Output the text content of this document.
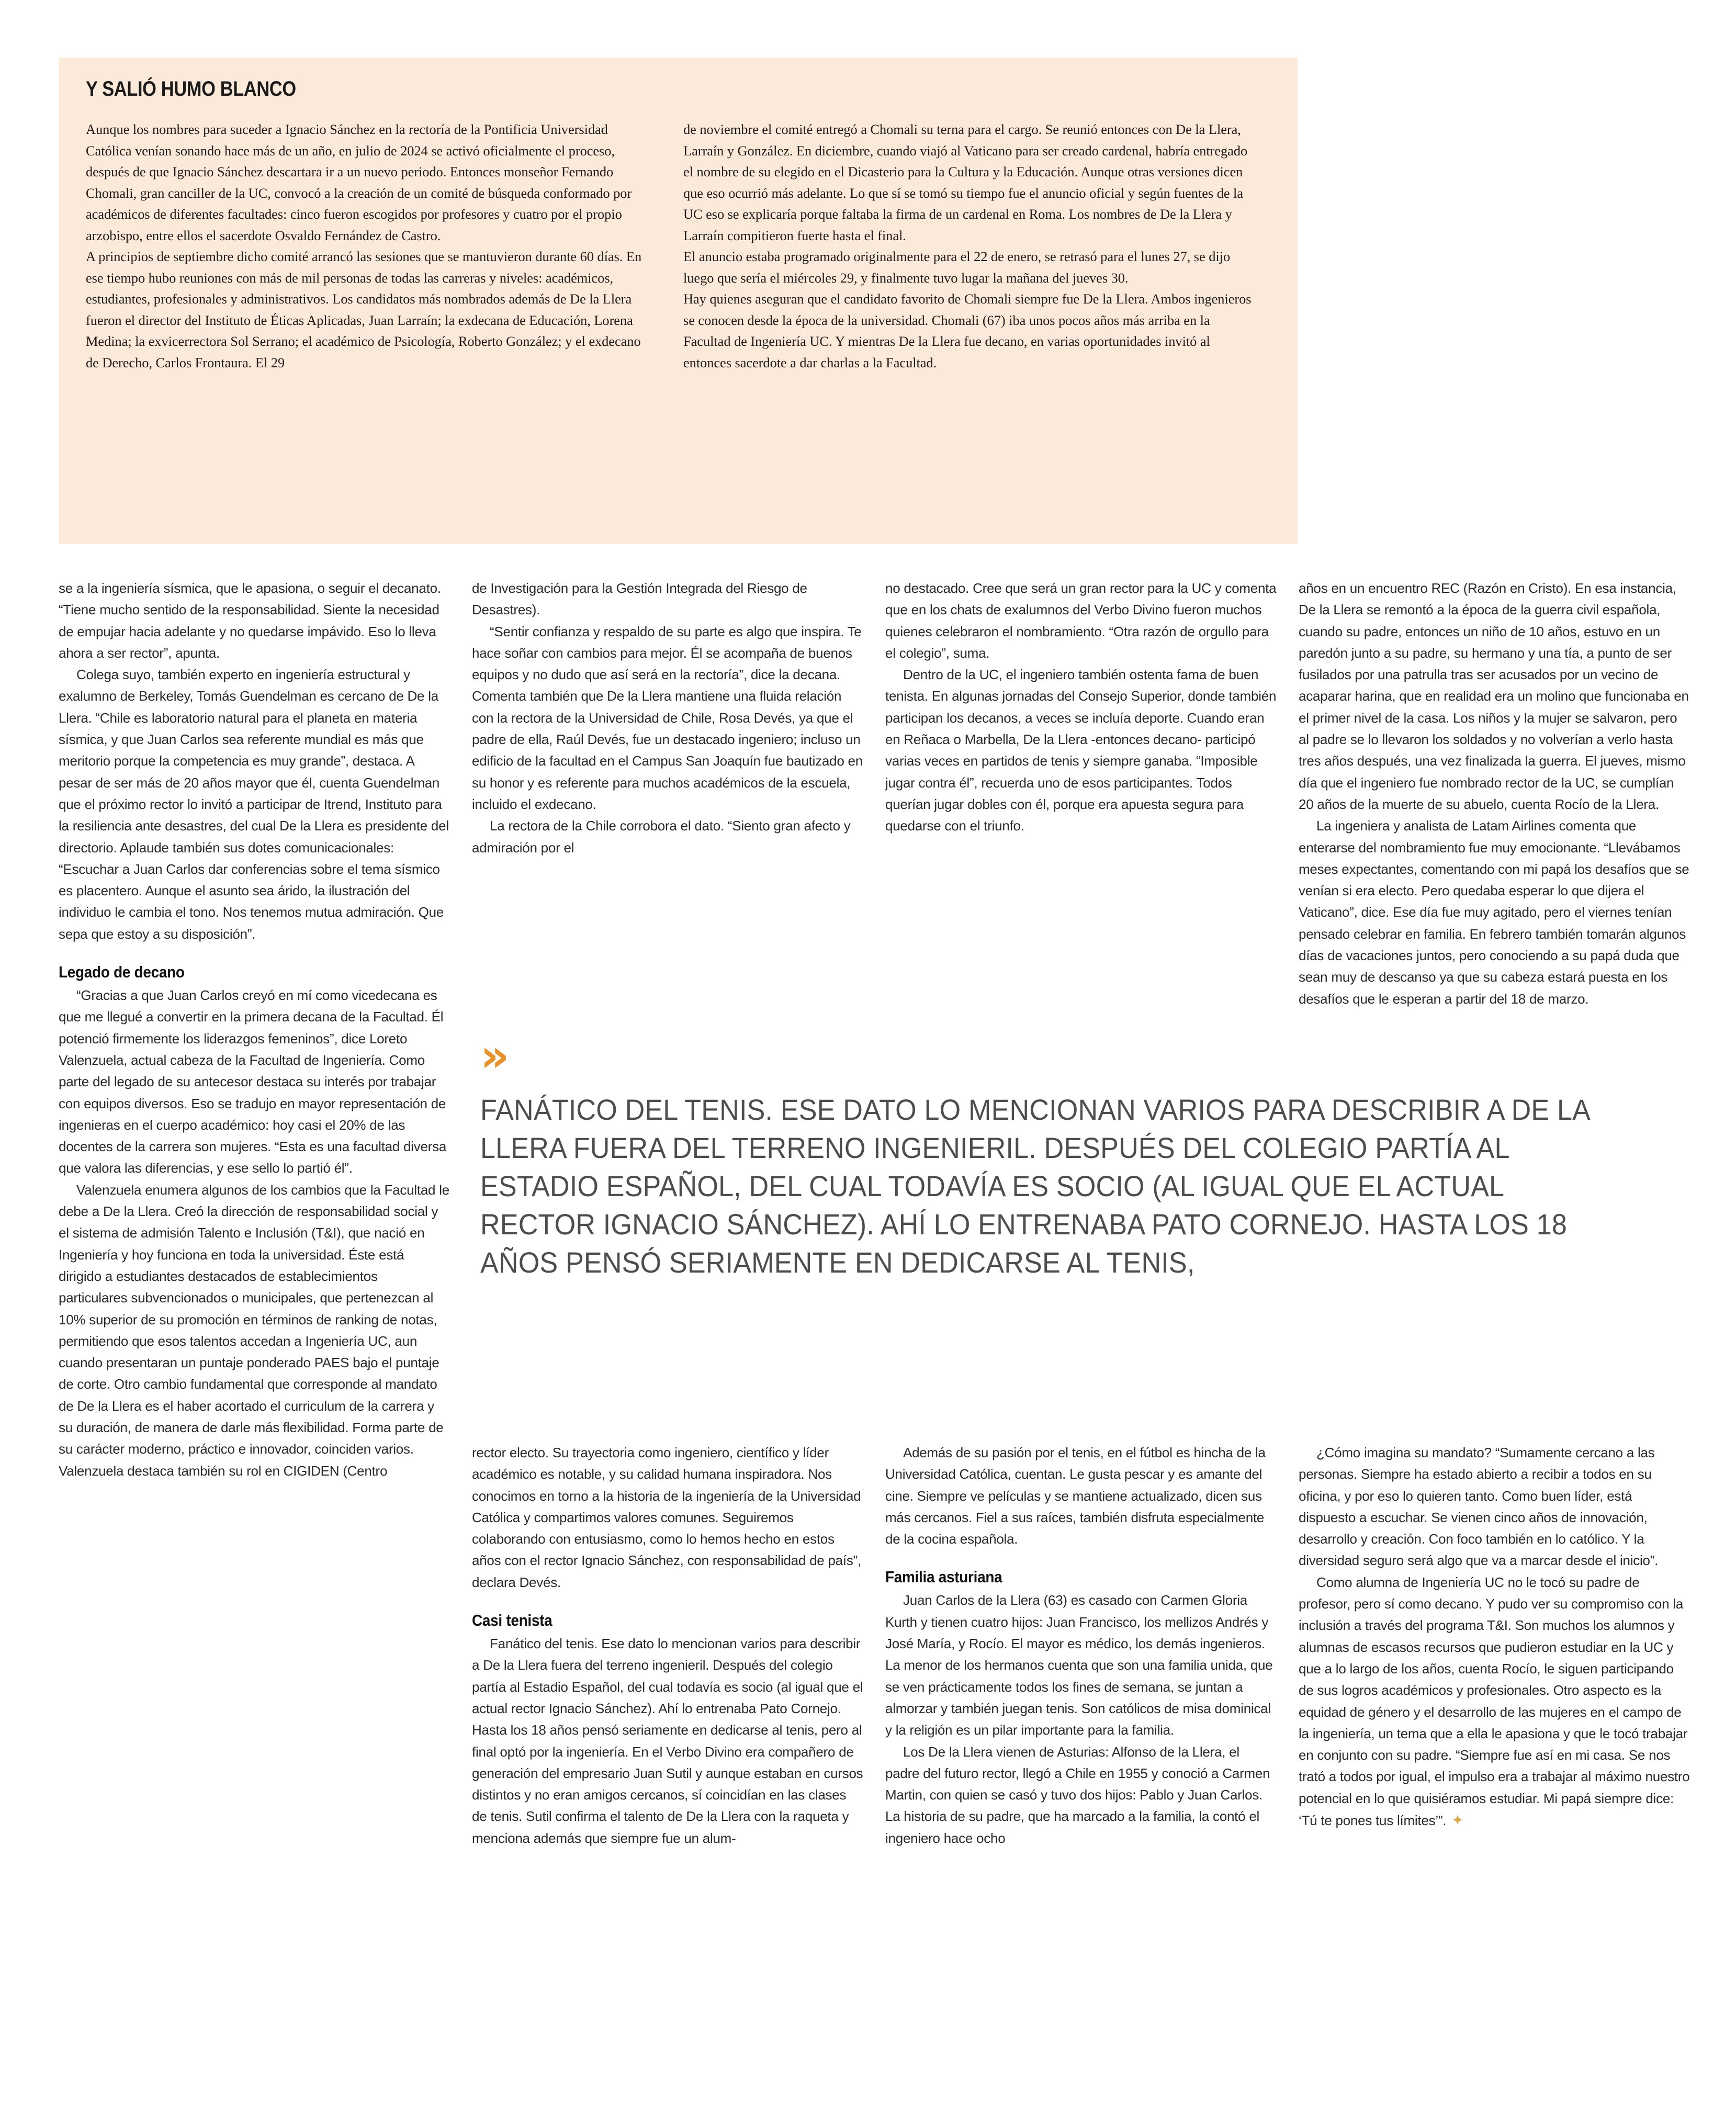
Y SALIÓ HUMO BLANCO

Aunque los nombres para suceder a Ignacio Sánchez en la rectoría de la Pontificia Universidad Católica venían sonando hace más de un año, en julio de 2024 se activó oficialmente el proceso, después de que Ignacio Sánchez descartara ir a un nuevo periodo. Entonces monseñor Fernando Chomali, gran canciller de la UC, convocó a la creación de un comité de búsqueda conformado por académicos de diferentes facultades: cinco fueron escogidos por profesores y cuatro por el propio arzobispo, entre ellos el sacerdote Osvaldo Fernández de Castro.

A principios de septiembre dicho comité arrancó las sesiones que se mantuvieron durante 60 días. En ese tiempo hubo reuniones con más de mil personas de todas las carreras y niveles: académicos, estudiantes, profesionales y administrativos. Los candidatos más nombrados además de De la Llera fueron el director del Instituto de Éticas Aplicadas, Juan Larraín; la exdecana de Educación, Lorena Medina; la exvicerrectora Sol Serrano; el académico de Psicología, Roberto González; y el exdecano de Derecho, Carlos Frontaura. El 29

de noviembre el comité entregó a Chomali su terna para el cargo. Se reunió entonces con De la Llera, Larraín y González. En diciembre, cuando viajó al Vaticano para ser creado cardenal, habría entregado el nombre de su elegido en el Dicasterio para la Cultura y la Educación. Aunque otras versiones dicen que eso ocurrió más adelante. Lo que sí se tomó su tiempo fue el anuncio oficial y según fuentes de la UC eso se explicaría porque faltaba la firma de un cardenal en Roma. Los nombres de De la Llera y Larraín compitieron fuerte hasta el final.

El anuncio estaba programado originalmente para el 22 de enero, se retrasó para el lunes 27, se dijo luego que sería el miércoles 29, y finalmente tuvo lugar la mañana del jueves 30.

Hay quienes aseguran que el candidato favorito de Chomali siempre fue De la Llera. Ambos ingenieros se conocen desde la época de la universidad. Chomali (67) iba unos pocos años más arriba en la Facultad de Ingeniería UC. Y mientras De la Llera fue decano, en varias oportunidades invitó al entonces sacerdote a dar charlas a la Facultad.

se a la ingeniería sísmica, que le apasiona, o seguir el decanato. “Tiene mucho sentido de la responsabilidad. Siente la necesidad de empujar hacia adelante y no quedarse impávido. Eso lo lleva ahora a ser rector”, apunta.

Colega suyo, también experto en ingeniería estructural y exalumno de Berkeley, Tomás Guendelman es cercano de De la Llera. “Chile es laboratorio natural para el planeta en materia sísmica, y que Juan Carlos sea referente mundial es más que meritorio porque la competencia es muy grande”, destaca. A pesar de ser más de 20 años mayor que él, cuenta Guendelman que el próximo rector lo invitó a participar de Itrend, Instituto para la resiliencia ante desastres, del cual De la Llera es presidente del directorio. Aplaude también sus dotes comunicacionales: “Escuchar a Juan Carlos dar conferencias sobre el tema sísmico es placentero. Aunque el asunto sea árido, la ilustración del individuo le cambia el tono. Nos tenemos mutua admiración. Que sepa que estoy a su disposición”.

Legado de decano

“Gracias a que Juan Carlos creyó en mí como vicedecana es que me llegué a convertir en la primera decana de la Facultad. Él potenció firmemente los liderazgos femeninos”, dice Loreto Valenzuela, actual cabeza de la Facultad de Ingeniería. Como parte del legado de su antecesor destaca su interés por trabajar con equipos diversos. Eso se tradujo en mayor representación de ingenieras en el cuerpo académico: hoy casi el 20% de las docentes de la carrera son mujeres. “Esta es una facultad diversa que valora las diferencias, y ese sello lo partió él”.

Valenzuela enumera algunos de los cambios que la Facultad le debe a De la Llera. Creó la dirección de responsabilidad social y el sistema de admisión Talento e Inclusión (T&I), que nació en Ingeniería y hoy funciona en toda la universidad. Éste está dirigido a estudiantes destacados de establecimientos particulares subvencionados o municipales, que pertenezcan al 10% superior de su promoción en términos de ranking de notas, permitiendo que esos talentos accedan a Ingeniería UC, aun cuando presentaran un puntaje ponderado PAES bajo el puntaje de corte. Otro cambio fundamental que corresponde al mandato de De la Llera es el haber acortado el curriculum de la carrera y su duración, de manera de darle más flexibilidad. Forma parte de su carácter moderno, práctico e innovador, coinciden varios. Valenzuela destaca también su rol en CIGIDEN (Centro

de Investigación para la Gestión Integrada del Riesgo de Desastres).

“Sentir confianza y respaldo de su parte es algo que inspira. Te hace soñar con cambios para mejor. Él se acompaña de buenos equipos y no dudo que así será en la rectoría”, dice la decana. Comenta también que De la Llera mantiene una fluida relación con la rectora de la Universidad de Chile, Rosa Devés, ya que el padre de ella, Raúl Devés, fue un destacado ingeniero; incluso un edificio de la facultad en el Campus San Joaquín fue bautizado en su honor y es referente para muchos académicos de la escuela, incluido el exdecano.

La rectora de la Chile corrobora el dato. “Siento gran afecto y admiración por el

no destacado. Cree que será un gran rector para la UC y comenta que en los chats de exalumnos del Verbo Divino fueron muchos quienes celebraron el nombramiento. “Otra razón de orgullo para el colegio”, suma.

Dentro de la UC, el ingeniero también ostenta fama de buen tenista. En algunas jornadas del Consejo Superior, donde también participan los decanos, a veces se incluía deporte. Cuando eran en Reñaca o Marbella, De la Llera -entonces decano- participó varias veces en partidos de tenis y siempre ganaba. “Imposible jugar contra él”, recuerda uno de esos participantes. Todos querían jugar dobles con él, porque era apuesta segura para quedarse con el triunfo.

años en un encuentro REC (Razón en Cristo). En esa instancia, De la Llera se remontó a la época de la guerra civil española, cuando su padre, entonces un niño de 10 años, estuvo en un paredón junto a su padre, su hermano y una tía, a punto de ser fusilados por una patrulla tras ser acusados por un vecino de acaparar harina, que en realidad era un molino que funcionaba en el primer nivel de la casa. Los niños y la mujer se salvaron, pero al padre se lo llevaron los soldados y no volverían a verlo hasta tres años después, una vez finalizada la guerra. El jueves, mismo día que el ingeniero fue nombrado rector de la UC, se cumplían 20 años de la muerte de su abuelo, cuenta Rocío de la Llera.

La ingeniera y analista de Latam Airlines comenta que enterarse del nombramiento fue muy emocionante. “Llevábamos meses expectantes, comentando con mi papá los desafíos que se venían si era electo. Pero quedaba esperar lo que dijera el Vaticano”, dice. Ese día fue muy agitado, pero el viernes tenían pensado celebrar en familia. En febrero también tomarán algunos días de vacaciones juntos, pero conociendo a su papá duda que sean muy de descanso ya que su cabeza estará puesta en los desafíos que le esperan a partir del 18 de marzo.

»

FANÁTICO DEL TENIS. ESE DATO LO MENCIONAN VARIOS PARA DESCRIBIR A DE LA LLERA FUERA DEL TERRENO INGENIERIL. DESPUÉS DEL COLEGIO PARTÍA AL ESTADIO ESPAÑOL, DEL CUAL TODAVÍA ES SOCIO (AL IGUAL QUE EL ACTUAL RECTOR IGNACIO SÁNCHEZ). AHÍ LO ENTRENABA PATO CORNEJO. HASTA LOS 18 AÑOS PENSÓ SERIAMENTE EN DEDICARSE AL TENIS,

rector electo. Su trayectoria como ingeniero, científico y líder académico es notable, y su calidad humana inspiradora. Nos conocimos en torno a la historia de la ingeniería de la Universidad Católica y compartimos valores comunes. Seguiremos colaborando con entusiasmo, como lo hemos hecho en estos años con el rector Ignacio Sánchez, con responsabilidad de país”, declara Devés.

Casi tenista

Fanático del tenis. Ese dato lo mencionan varios para describir a De la Llera fuera del terreno ingenieril. Después del colegio partía al Estadio Español, del cual todavía es socio (al igual que el actual rector Ignacio Sánchez). Ahí lo entrenaba Pato Cornejo. Hasta los 18 años pensó seriamente en dedicarse al tenis, pero al final optó por la ingeniería. En el Verbo Divino era compañero de generación del empresario Juan Sutil y aunque estaban en cursos distintos y no eran amigos cercanos, sí coincidían en las clases de tenis. Sutil confirma el talento de De la Llera con la raqueta y menciona además que siempre fue un alum-

Además de su pasión por el tenis, en el fútbol es hincha de la Universidad Católica, cuentan. Le gusta pescar y es amante del cine. Siempre ve películas y se mantiene actualizado, dicen sus más cercanos. Fiel a sus raíces, también disfruta especialmente de la cocina española.

Familia asturiana

Juan Carlos de la Llera (63) es casado con Carmen Gloria Kurth y tienen cuatro hijos: Juan Francisco, los mellizos Andrés y José María, y Rocío. El mayor es médico, los demás ingenieros. La menor de los hermanos cuenta que son una familia unida, que se ven prácticamente todos los fines de semana, se juntan a almorzar y también juegan tenis. Son católicos de misa dominical y la religión es un pilar importante para la familia.

Los De la Llera vienen de Asturias: Alfonso de la Llera, el padre del futuro rector, llegó a Chile en 1955 y conoció a Carmen Martin, con quien se casó y tuvo dos hijos: Pablo y Juan Carlos. La historia de su padre, que ha marcado a la familia, la contó el ingeniero hace ocho

¿Cómo imagina su mandato? “Sumamente cercano a las personas. Siempre ha estado abierto a recibir a todos en su oficina, y por eso lo quieren tanto. Como buen líder, está dispuesto a escuchar. Se vienen cinco años de innovación, desarrollo y creación. Con foco también en lo católico. Y la diversidad seguro será algo que va a marcar desde el inicio”.

Como alumna de Ingeniería UC no le tocó su padre de profesor, pero sí como decano. Y pudo ver su compromiso con la inclusión a través del programa T&I. Son muchos los alumnos y alumnas de escasos recursos que pudieron estudiar en la UC y que a lo largo de los años, cuenta Rocío, le siguen participando de sus logros académicos y profesionales. Otro aspecto es la equidad de género y el desarrollo de las mujeres en el campo de la ingeniería, un tema que a ella le apasiona y que le tocó trabajar en conjunto con su padre. “Siempre fue así en mi casa. Se nos trató a todos por igual, el impulso era a trabajar al máximo nuestro potencial en lo que quisiéramos estudiar. Mi papá siempre dice: ‘Tú te pones tus límites’”. ✦
